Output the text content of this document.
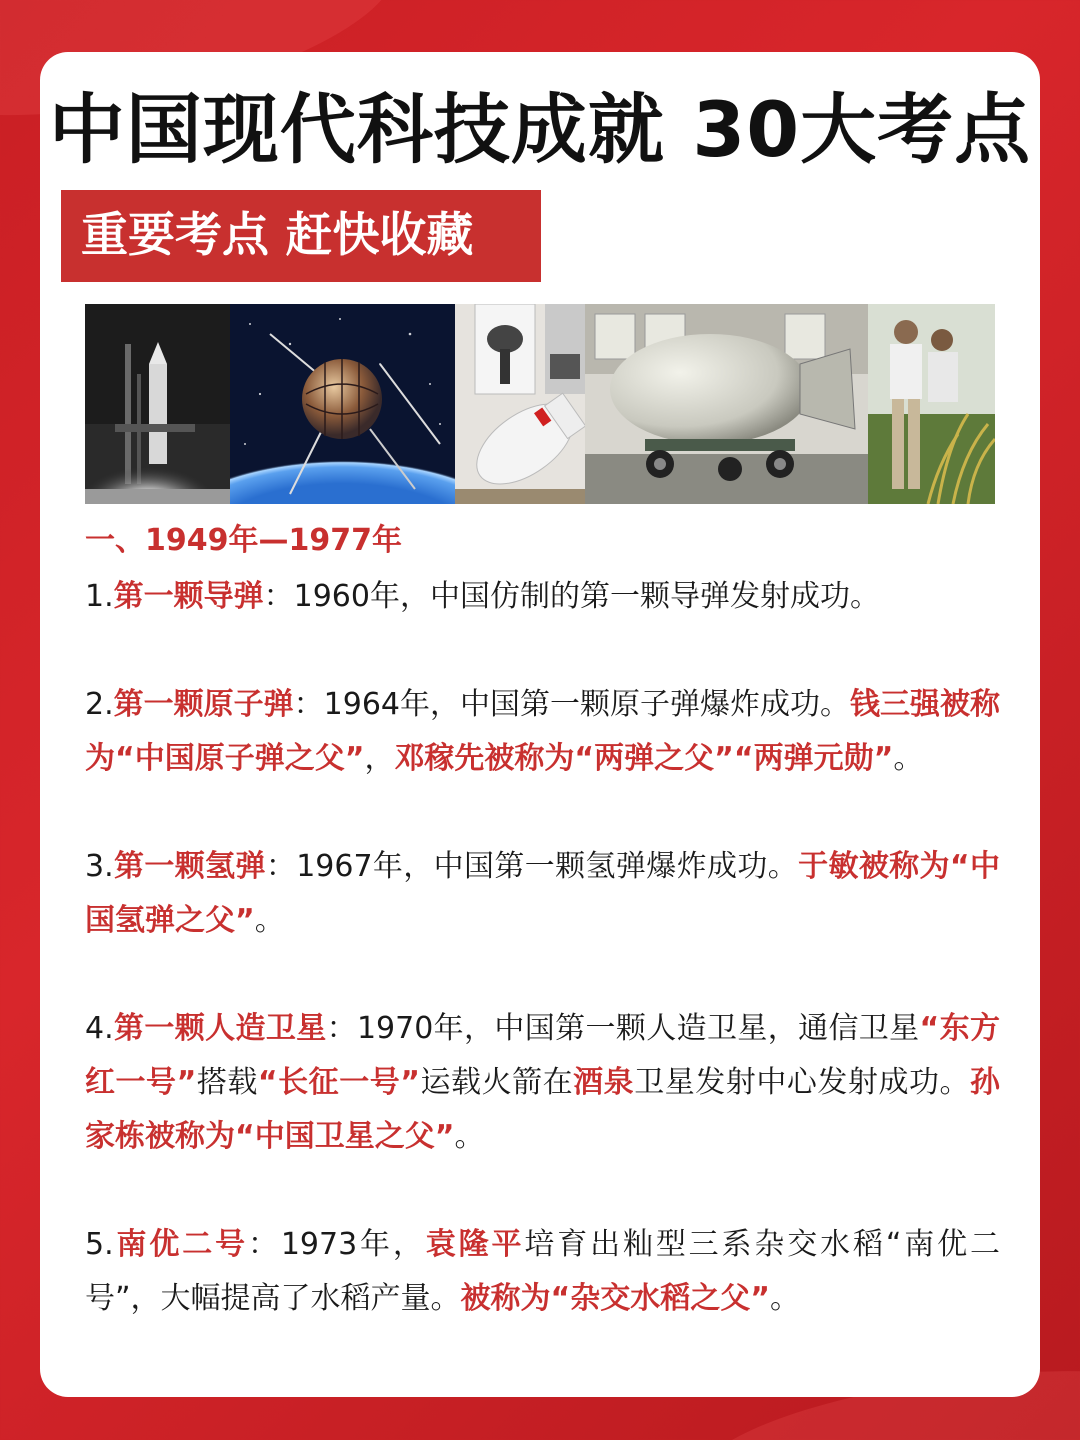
中国现代科技成就 30大考点
重要考点 赶快收藏
一、1949年—1977年
1.第一颗导弹：1960年，中国仿制的第一颗导弹发射成功。
2.第一颗原子弹：1964年，中国第一颗原子弹爆炸成功。钱三强被称为“中国原子弹之父”，邓稼先被称为“两弹之父”“两弹元勋”。
3.第一颗氢弹：1967年，中国第一颗氢弹爆炸成功。于敏被称为“中国氢弹之父”。
4.第一颗人造卫星：1970年，中国第一颗人造卫星，通信卫星“东方红一号”搭载“长征一号”运载火箭在酒泉卫星发射中心发射成功。孙家栋被称为“中国卫星之父”。
5.南优二号：1973年，袁隆平培育出籼型三系杂交水稻“南优二号”，大幅提高了水稻产量。被称为“杂交水稻之父”。
